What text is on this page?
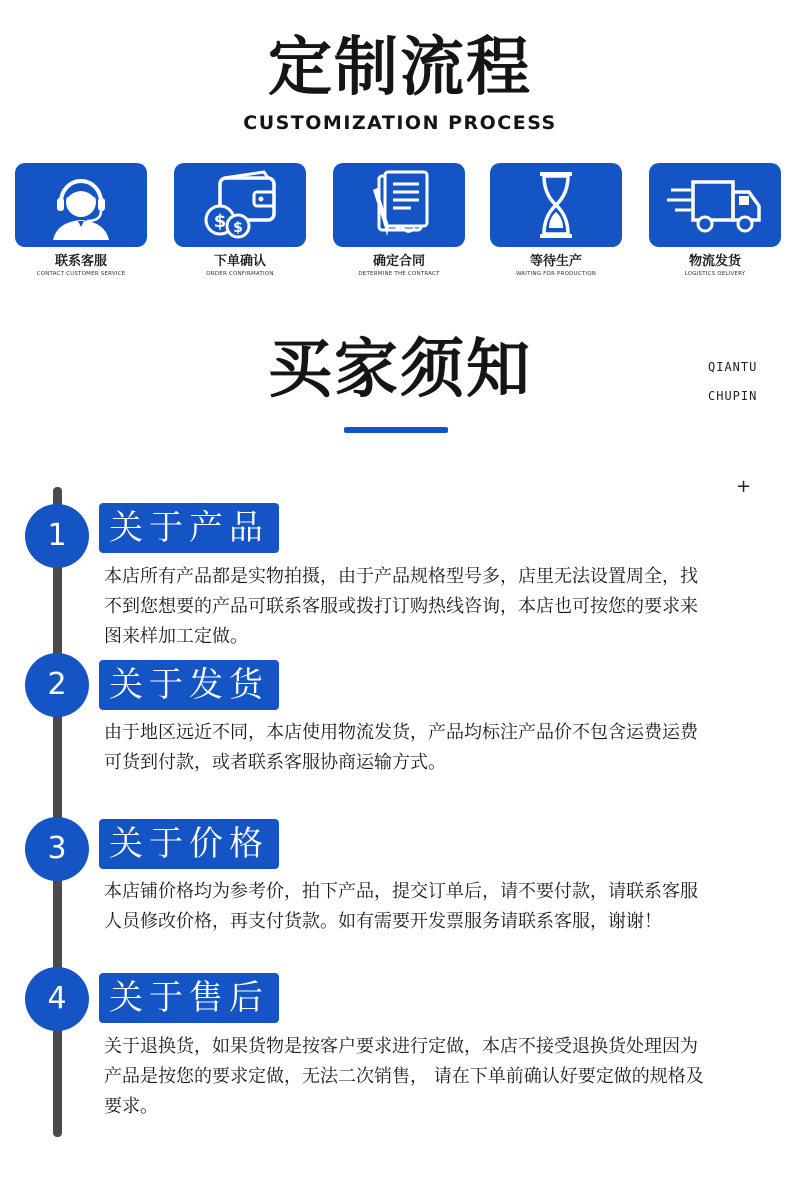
定制流程
CUSTOMIZATION PROCESS
联系客服
CONTACT CUSTOMER SERVICE
$ $
下单确认
ORDER CONFIRMATION
确定合同
DETERMINE THE CONTRACT
等待生产
WAITING FOR PRODUCTION
物流发货
LOGISTICS DELIVERY
买家须知	QIANTU
CHUPIN
+
1	关于产品
本店所有产品都是实物拍摄，由于产品规格型号多，店里无法设置周全，找不到您想要的产品可联系客服或拨打订购热线咨询，本店也可按您的要求来图来样加工定做。
2	关于发货
由于地区远近不同，本店使用物流发货，产品均标注产品价不包含运费运费可货到付款，或者联系客服协商运输方式。
3	关于价格
本店铺价格均为参考价，拍下产品，提交订单后，请不要付款，请联系客服人员修改价格，再支付货款。如有需要开发票服务请联系客服，谢谢！
4	关于售后
关于退换货，如果货物是按客户要求进行定做，本店不接受退换货处理因为产品是按您的要求定做，无法二次销售， 请在下单前确认好要定做的规格及要求。
